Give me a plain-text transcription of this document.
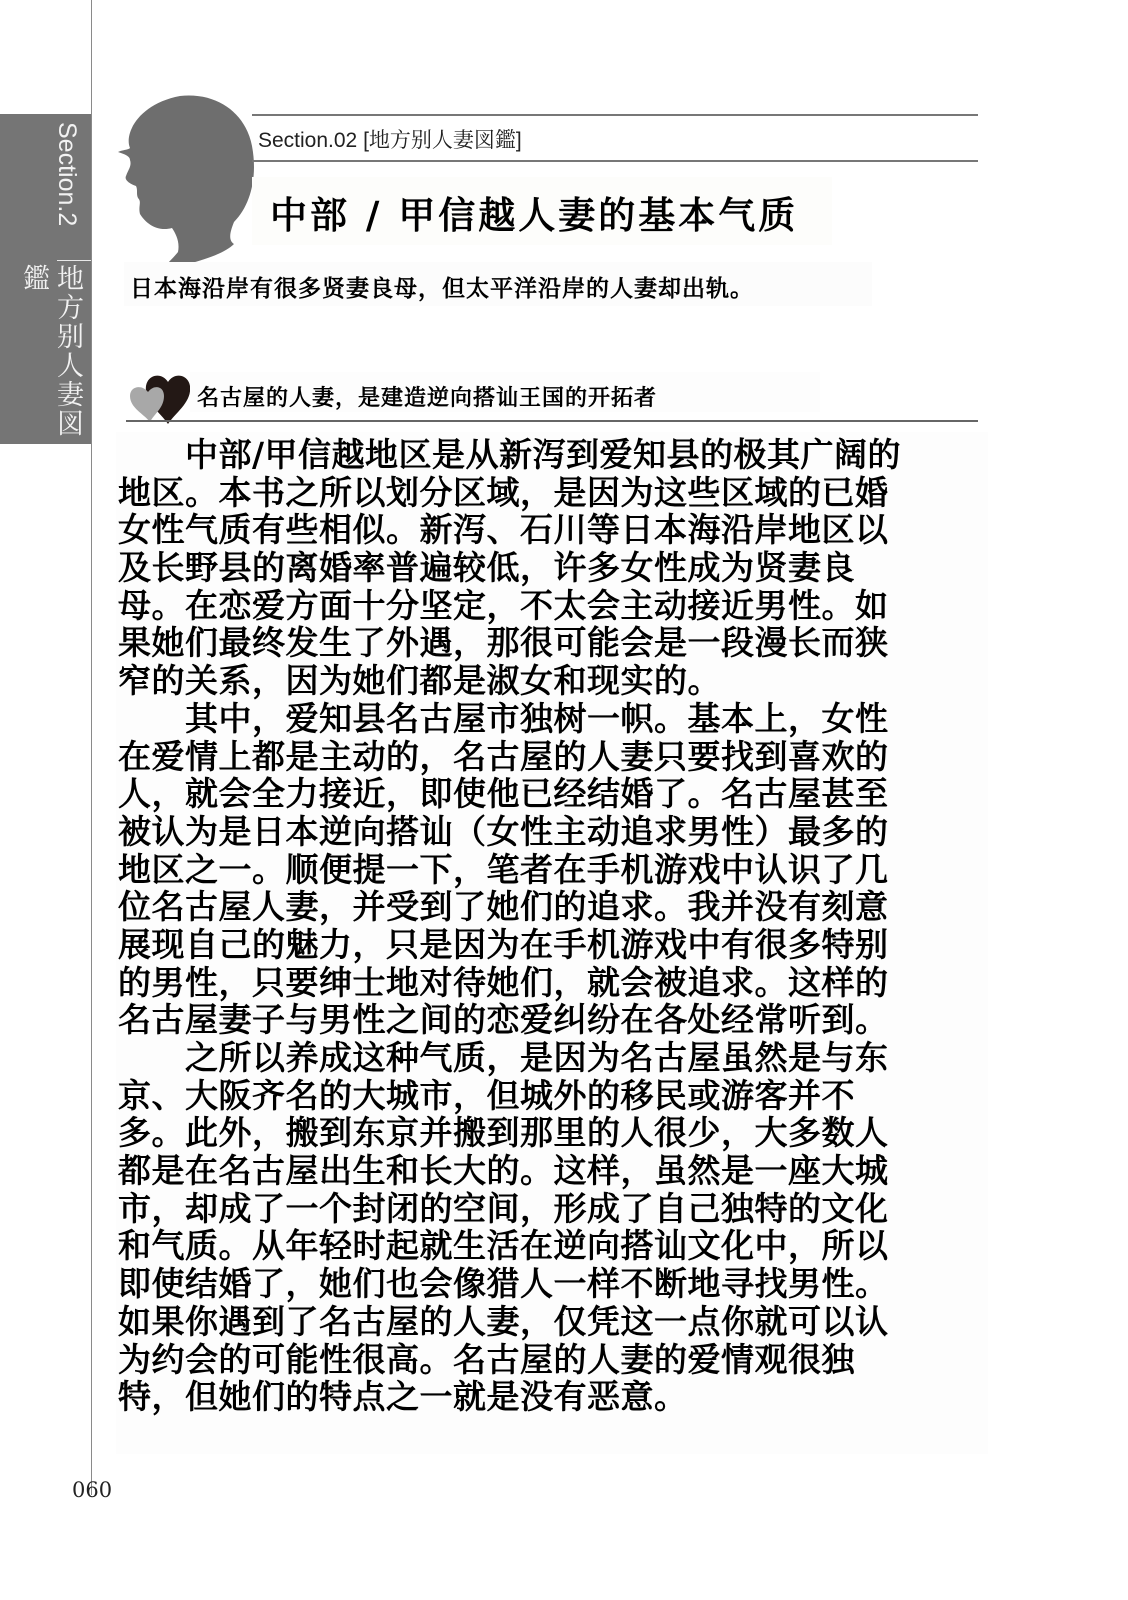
Section.2
地方别人妻図鑑
Section.02 [地方别人妻図鑑]
中部 / 甲信越人妻的基本气质
日本海沿岸有很多贤妻良母，但太平洋沿岸的人妻却出轨。
名古屋的人妻，是建造逆向搭讪王国的开拓者
　　中部/甲信越地区是从新泻到爱知县的极其广阔的
地区。本书之所以划分区域，是因为这些区域的已婚
女性气质有些相似。新泻、石川等日本海沿岸地区以
及长野县的离婚率普遍较低，许多女性成为贤妻良
母。在恋爱方面十分坚定，不太会主动接近男性。如
果她们最终发生了外遇，那很可能会是一段漫长而狭
窄的关系，因为她们都是淑女和现实的。
　　其中，爱知县名古屋市独树一帜。基本上，女性
在爱情上都是主动的，名古屋的人妻只要找到喜欢的
人，就会全力接近，即使他已经结婚了。名古屋甚至
被认为是日本逆向搭讪（女性主动追求男性）最多的
地区之一。顺便提一下，笔者在手机游戏中认识了几
位名古屋人妻，并受到了她们的追求。我并没有刻意
展现自己的魅力，只是因为在手机游戏中有很多特别
的男性，只要绅士地对待她们，就会被追求。这样的
名古屋妻子与男性之间的恋爱纠纷在各处经常听到。
　　之所以养成这种气质，是因为名古屋虽然是与东
京、大阪齐名的大城市，但城外的移民或游客并不
多。此外，搬到东京并搬到那里的人很少，大多数人
都是在名古屋出生和长大的。这样，虽然是一座大城
市，却成了一个封闭的空间，形成了自己独特的文化
和气质。从年轻时起就生活在逆向搭讪文化中，所以
即使结婚了，她们也会像猎人一样不断地寻找男性。
如果你遇到了名古屋的人妻，仅凭这一点你就可以认
为约会的可能性很高。名古屋的人妻的爱情观很独
特，但她们的特点之一就是没有恶意。
060
